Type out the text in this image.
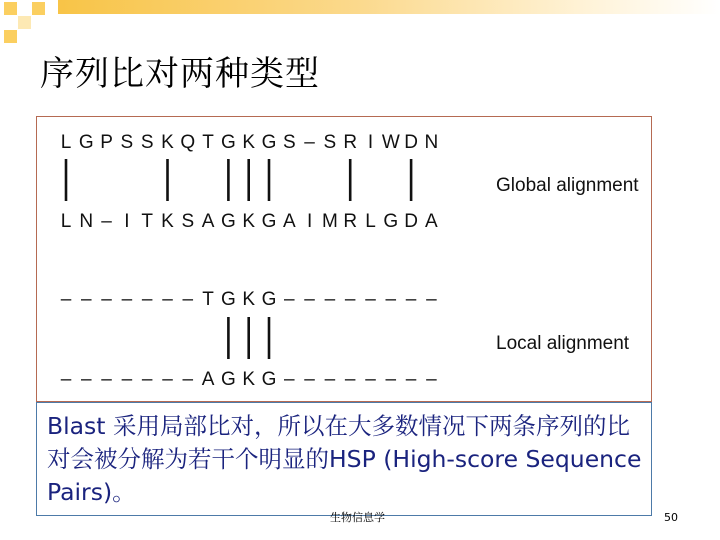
序列比对两种类型
L G P S S K Q T G K G S – S R I W D N
L N – I T K S A G K G A I M R L G D A
Global alignment
– – – – – – – T G K G – – – – – – – –
– – – – – – – A G K G – – – – – – – –
Local alignment
Blast 采用局部比对，所以在大多数情况下两条序列的比对会被分解为若干个明显的HSP (High-score Sequence Pairs)。
生物信息学	50
